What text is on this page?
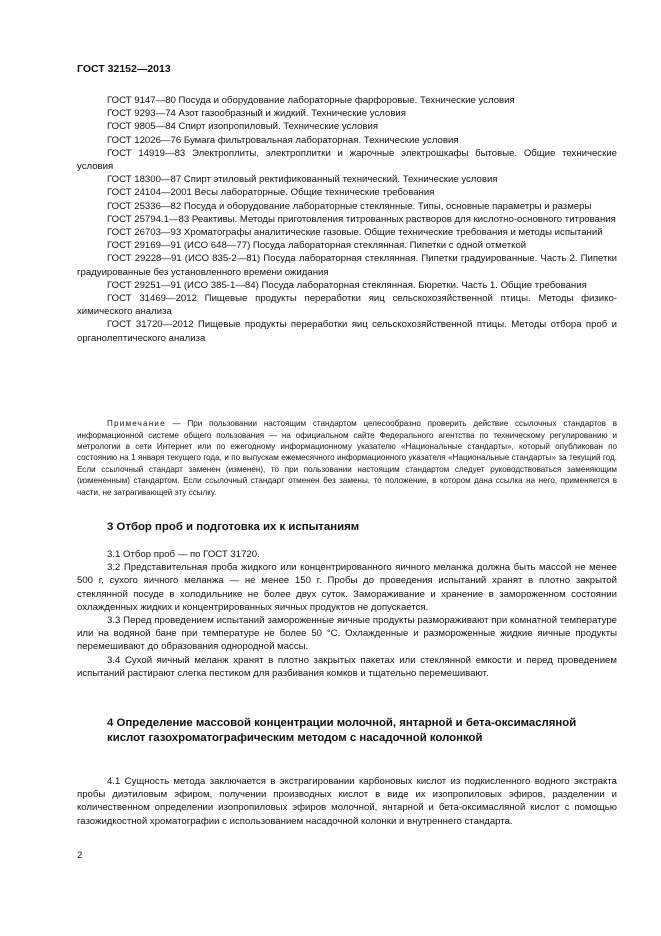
ГОСТ 32152—2013

ГОСТ 9147—80 Посуда и оборудование лабораторные фарфоровые. Технические условия

ГОСТ 9293—74 Азот газообразный и жидкий. Технические условия

ГОСТ 9805—84 Спирт изопропиловый. Технические условия

ГОСТ 12026—76 Бумага фильтровальная лабораторная. Технические условия

ГОСТ 14919—83 Электроплиты, электроплитки и жарочные электрошкафы бытовые. Общие технические условия

ГОСТ 18300—87 Спирт этиловый ректификованный технический. Технические условия

ГОСТ 24104—2001 Весы лабораторные. Общие технические требования

ГОСТ 25336—82 Посуда и оборудование лабораторные стеклянные. Типы, основные параметры и размеры

ГОСТ 25794.1—83 Реактивы. Методы приготовления титрованных растворов для кислотно-основного титрования

ГОСТ 26703—93 Хроматографы аналитические газовые. Общие технические требования и методы испытаний

ГОСТ 29169—91 (ИСО 648—77) Посуда лабораторная стеклянная. Пипетки с одной отметкой

ГОСТ 29228—91 (ИСО 835-2—81) Посуда лабораторная стеклянная. Пипетки градуированные. Часть 2. Пипетки градуированные без установленного времени ожидания

ГОСТ 29251—91 (ИСО 385-1—84) Посуда лабораторная стеклянная. Бюретки. Часть 1. Общие требования

ГОСТ 31469—2012 Пищевые продукты переработки яиц сельскохозяйственной птицы. Методы физико-химического анализа

ГОСТ 31720—2012 Пищевые продукты переработки яиц сельскохозяйственной птицы. Методы отбора проб и органолептического анализа

Примечание — При пользовании настоящим стандартом целесообразно проверить действие ссылочных стандартов в информационной системе общего пользования — на официальном сайте Федерального агентства по техническому регулированию и метрологии в сети Интернет или по ежегодному информационному указателю «Национальные стандарты», который опубликован по состоянию на 1 января текущего года, и по выпускам ежемесячного информационного указателя «Национальные стандарты» за текущий год. Если ссылочный стандарт заменен (изменен), то при пользовании настоящим стандартом следует руководствоваться заменяющим (измененным) стандартом. Если ссылочный стандарт отменен без замены, то положение, в котором дана ссылка на него, применяется в части, не затрагивающей эту ссылку.

3 Отбор проб и подготовка их к испытаниям

3.1 Отбор проб — по ГОСТ 31720.

3.2 Представительная проба жидкого или концентрированного яичного меланжа должна быть массой не менее 500 г, сухого яичного меланжа — не менее 150 г. Пробы до проведения испытаний хранят в плотно закрытой стеклянной посуде в холодильнике не более двух суток. Замораживание и хранение в замороженном состоянии охлажденных жидких и концентрированных яичных продуктов не допускается.

3.3 Перед проведением испытаний замороженные яичные продукты размораживают при комнатной температуре или на водяной бане при температуре не более 50 °С. Охлажденные и размороженные жидкие яичные продукты перемешивают до образования однородной массы.

3.4 Сухой яичный меланж хранят в плотно закрытых пакетах или стеклянной емкости и перед проведением испытаний растирают слегка пестиком для разбивания комков и тщательно перемешивают.

4 Определение массовой концентрации молочной, янтарной и бета-оксимасляной кислот газохроматографическим методом с насадочной колонкой

4.1 Сущность метода заключается в экстрагировании карбоновых кислот из подкисленного водного экстракта пробы диэтиловым эфиром, получении производных кислот в виде их изопропиловых эфиров, разделении и количественном определении изопропиловых эфиров молочной, янтарной и бета-оксимасляной кислот с помощью газожидкостной хроматографии с использованием насадочной колонки и внутреннего стандарта.

2
